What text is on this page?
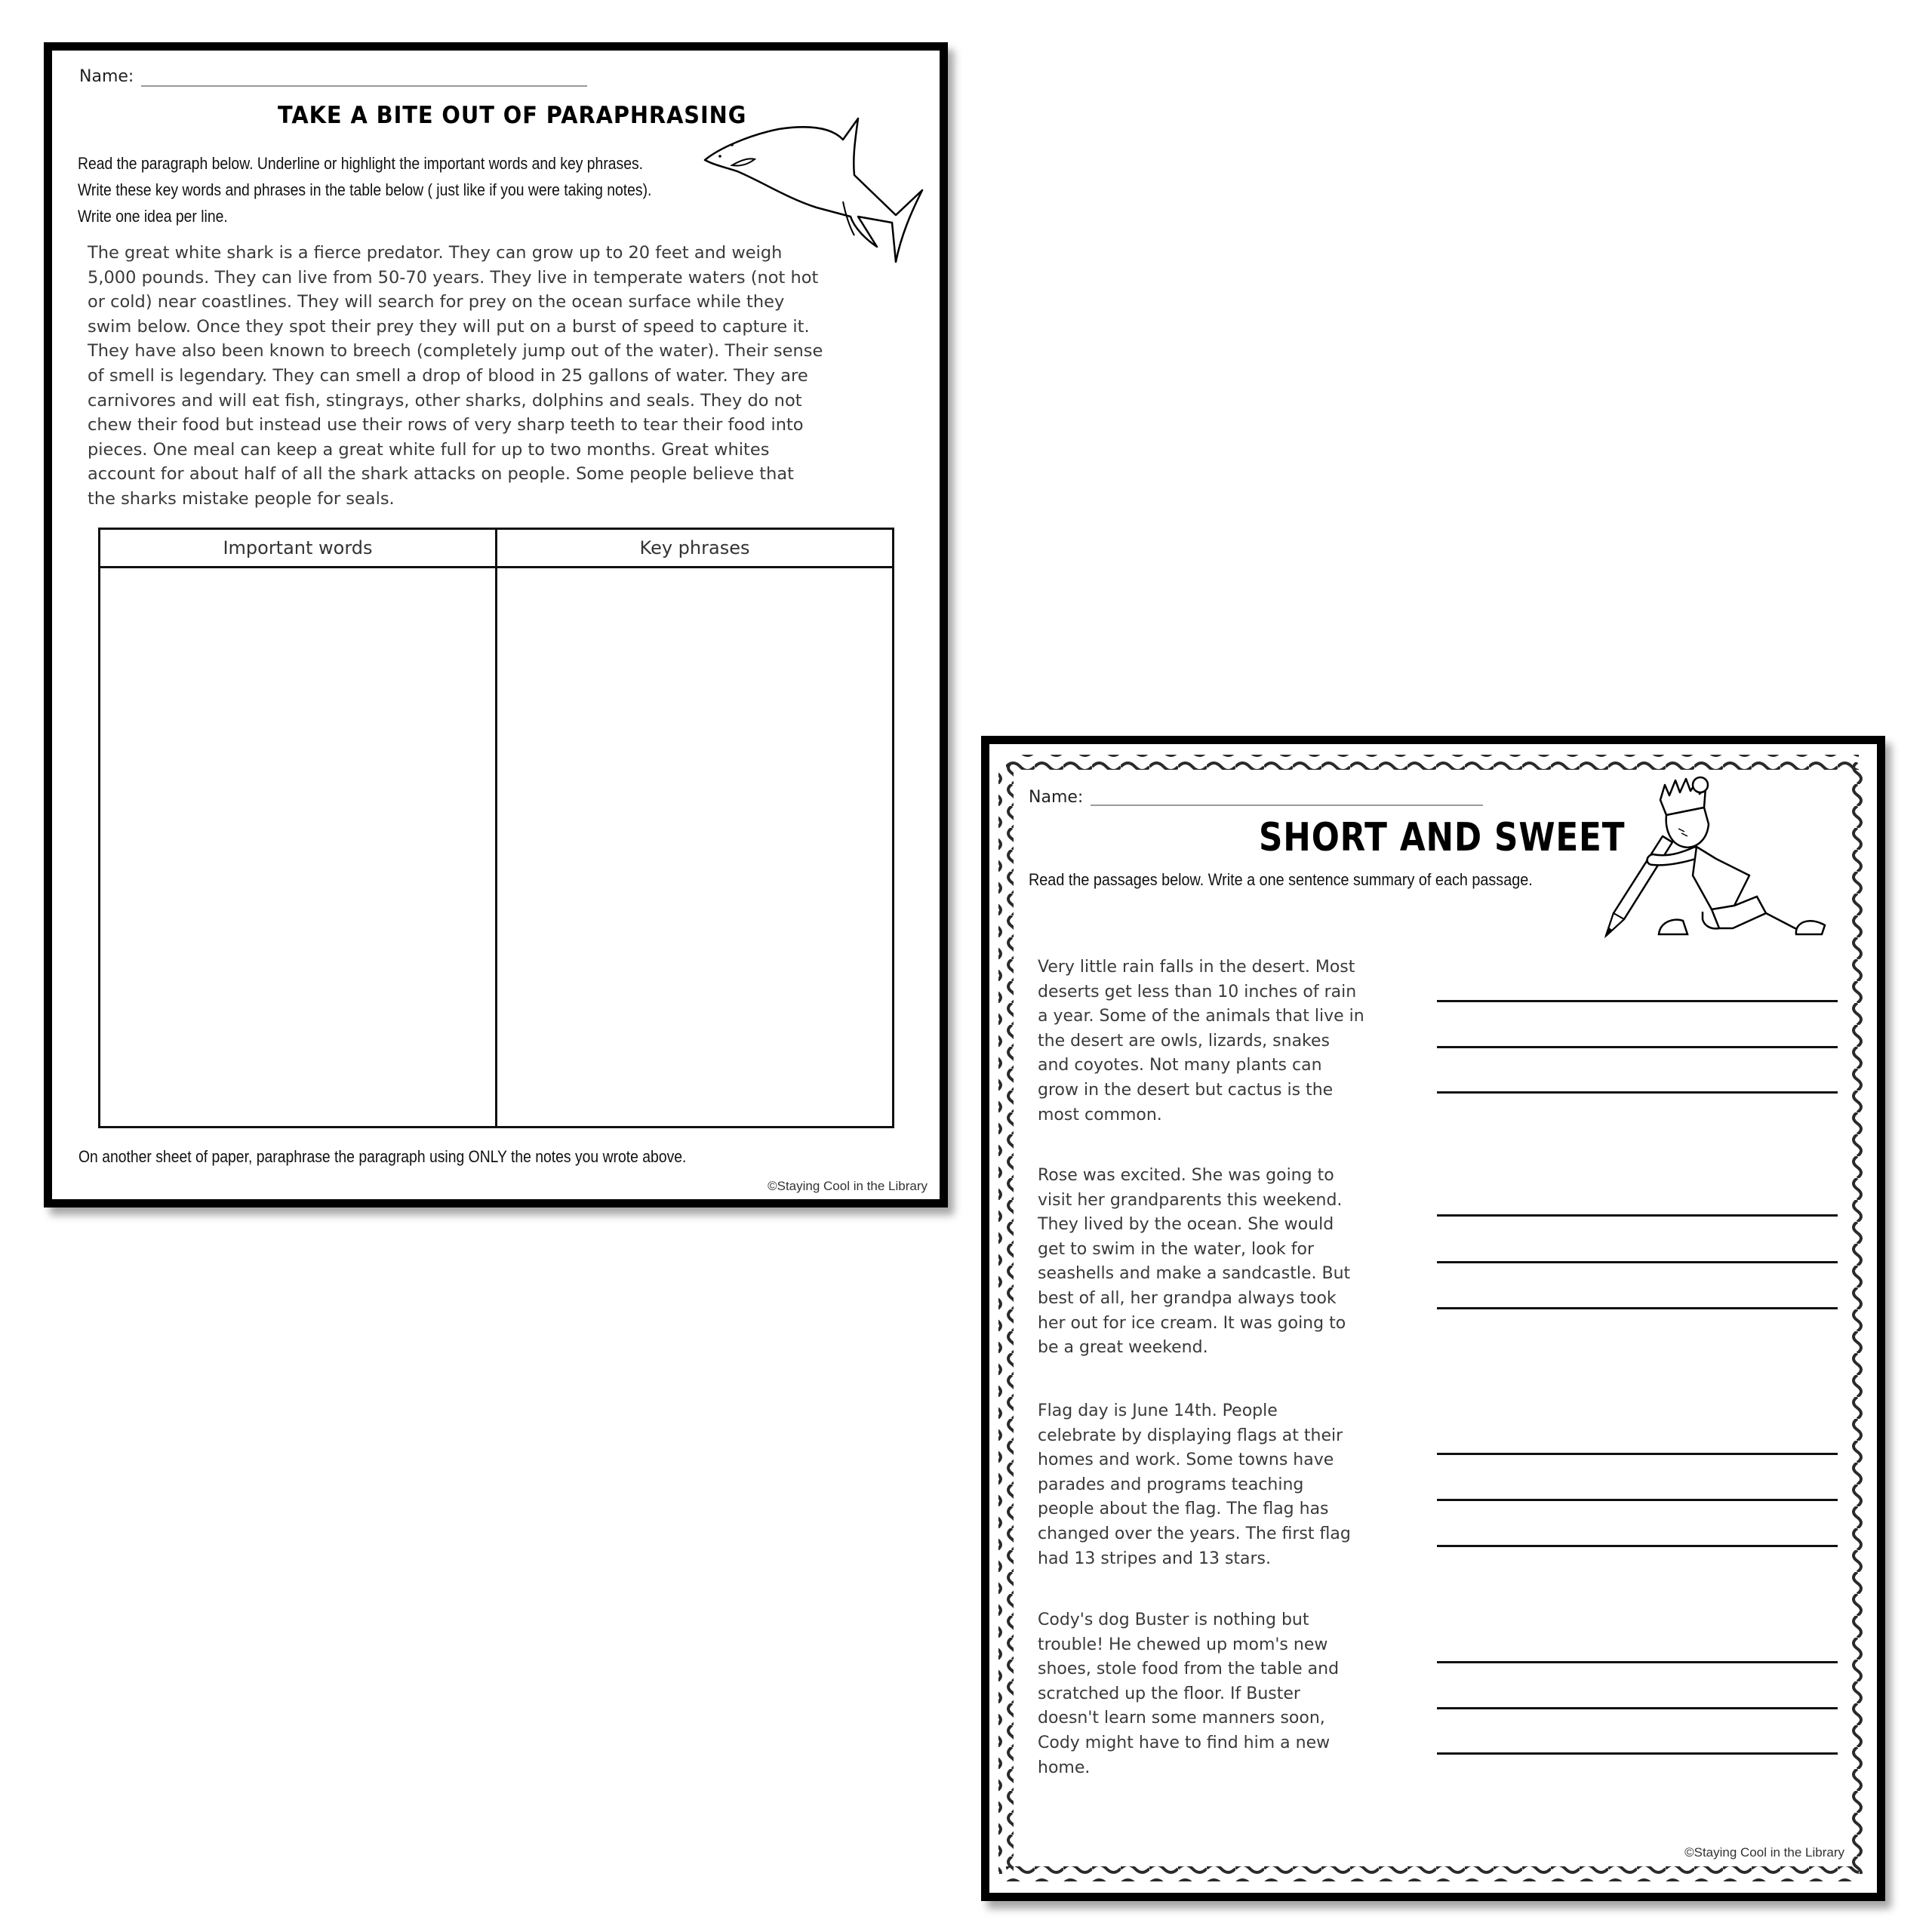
Name:
TAKE A BITE OUT OF PARAPHRASING
Read the paragraph below. Underline or highlight the important words and key phrases.
Write these key words and phrases in the table below ( just like if you were taking notes).
Write one idea per line.
The great white shark is a fierce predator. They can grow up to 20 feet and weigh
5,000 pounds. They can live from 50-70 years. They live in temperate waters (not hot
or cold) near coastlines. They will search for prey on the ocean surface while they
swim below. Once they spot their prey they will put on a burst of speed to capture it.
They have also been known to breech (completely jump out of the water). Their sense
of smell is legendary. They can smell a drop of blood in 25 gallons of water. They are
carnivores and will eat fish, stingrays, other sharks, dolphins and seals. They do not
chew their food but instead use their rows of very sharp teeth to tear their food into
pieces. One meal can keep a great white full for up to two months. Great whites
account for about half of all the shark attacks on people. Some people believe that
the sharks mistake people for seals.
Important words	Key phrases

On another sheet of paper, paraphrase the paragraph using ONLY the notes you wrote above.
©Staying Cool in the Library
Name:
SHORT AND SWEET
Read the passages below. Write a one sentence summary of each passage.
Very little rain falls in the desert. Most
deserts get less than 10 inches of rain
a year. Some of the animals that live in
the desert are owls, lizards, snakes
and coyotes. Not many plants can
grow in the desert but cactus is the
most common.
Rose was excited. She was going to
visit her grandparents this weekend.
They lived by the ocean. She would
get to swim in the water, look for
seashells and make a sandcastle. But
best of all, her grandpa always took
her out for ice cream. It was going to
be a great weekend.
Flag day is June 14th. People
celebrate by displaying flags at their
homes and work. Some towns have
parades and programs teaching
people about the flag. The flag has
changed over the years. The first flag
had 13 stripes and 13 stars.
Cody's dog Buster is nothing but
trouble! He chewed up mom's new
shoes, stole food from the table and
scratched up the floor. If Buster
doesn't learn some manners soon,
Cody might have to find him a new
home.
©Staying Cool in the Library
